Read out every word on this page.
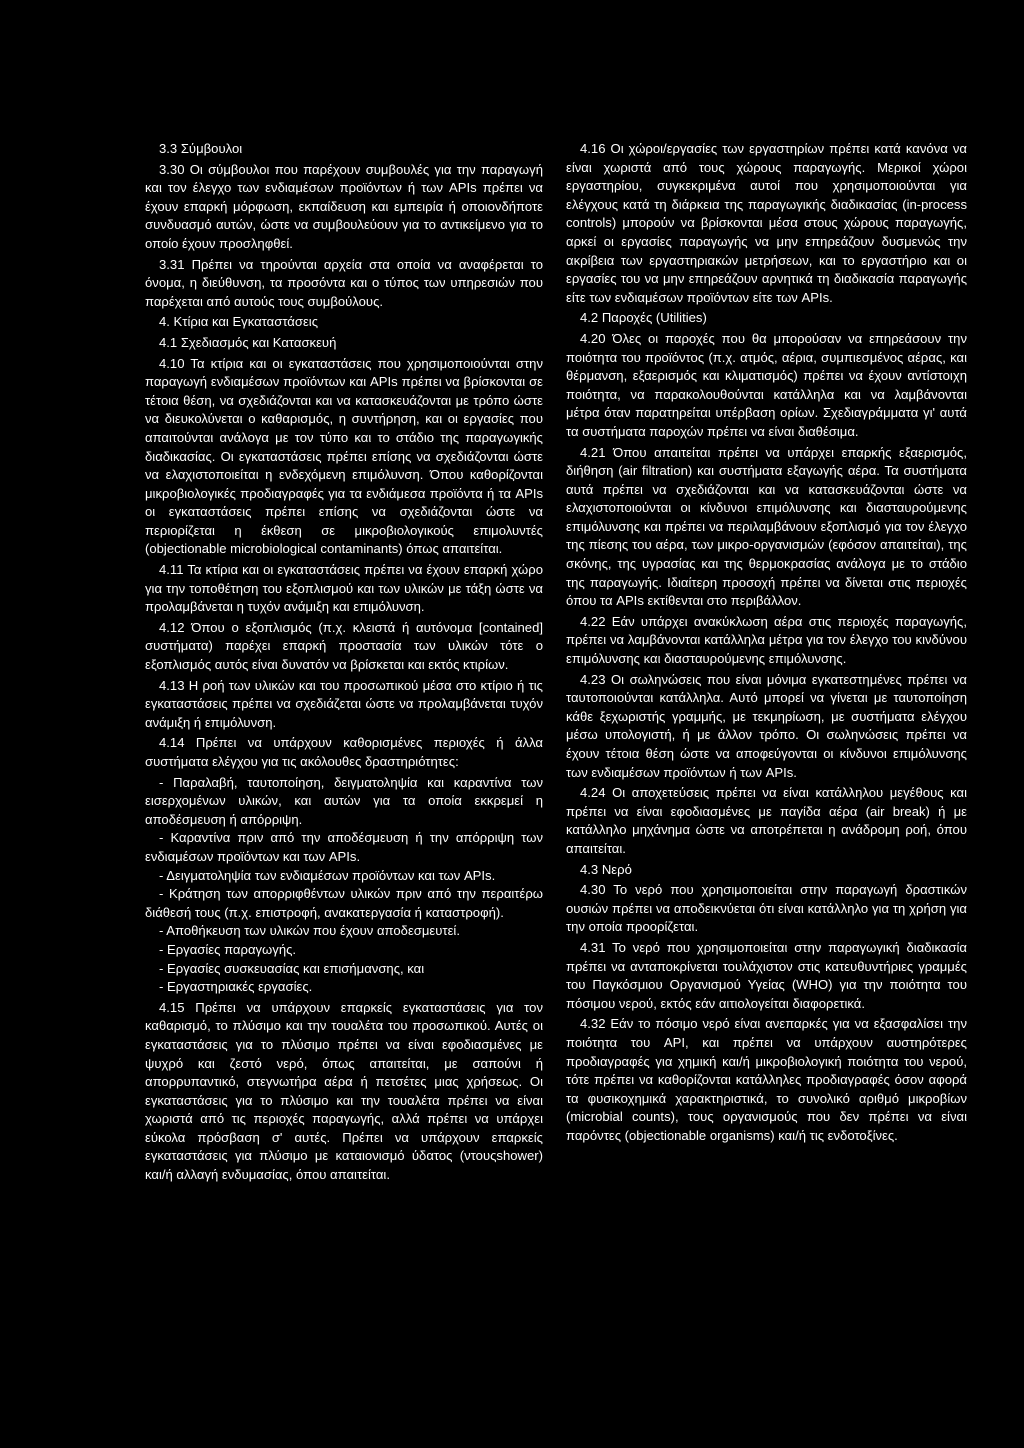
3.3 Σύμβουλοι

3.30 Οι σύμβουλοι που παρέχουν συμβουλές για την παραγωγή και τον έλεγχο των ενδιαμέσων προϊόντων ή των APIs πρέπει να έχουν επαρκή μόρφωση, εκπαίδευση και εμπειρία ή οποιονδήποτε συνδυασμό αυτών, ώστε να συμβουλεύουν για το αντικείμενο για το οποίο έχουν προσληφθεί.

3.31 Πρέπει να τηρούνται αρχεία στα οποία να αναφέρεται το όνομα, η διεύθυνση, τα προσόντα και ο τύπος των υπηρεσιών που παρέχεται από αυτούς τους συμβούλους.

4. Κτίρια και Εγκαταστάσεις

4.1 Σχεδιασμός και Κατασκευή

4.10 Τα κτίρια και οι εγκαταστάσεις που χρησιμοποιούνται στην παραγωγή ενδιαμέσων προϊόντων και APIs πρέπει να βρίσκονται σε τέτοια θέση, να σχεδιάζονται και να κατασκευάζονται με τρόπο ώστε να διευκολύνεται ο καθαρισμός, η συντήρηση, και οι εργασίες που απαιτούνται ανάλογα με τον τύπο και το στάδιο της παραγωγικής διαδικασίας. Οι εγκαταστάσεις πρέπει επίσης να σχεδιάζονται ώστε να ελαχιστοποιείται η ενδεχόμενη επιμόλυνση. Όπου καθορίζονται μικροβιολογικές προδιαγραφές για τα ενδιάμεσα προϊόντα ή τα APIs οι εγκαταστάσεις πρέπει επίσης να σχεδιάζονται ώστε να περιορίζεται η έκθεση σε μικροβιολογικούς επιμολυντές (objectionable microbiological contaminants) όπως απαιτείται.

4.11 Τα κτίρια και οι εγκαταστάσεις πρέπει να έχουν επαρκή χώρο για την τοποθέτηση του εξοπλισμού και των υλικών με τάξη ώστε να προλαμβάνεται η τυχόν ανάμιξη και επιμόλυνση.

4.12 Όπου ο εξοπλισμός (π.χ. κλειστά ή αυτόνομα [contained] συστήματα) παρέχει επαρκή προστασία των υλικών τότε ο εξοπλισμός αυτός είναι δυνατόν να βρίσκεται και εκτός κτιρίων.

4.13 Η ροή των υλικών και του προσωπικού μέσα στο κτίριο ή τις εγκαταστάσεις πρέπει να σχεδιάζεται ώστε να προλαμβάνεται τυχόν ανάμιξη ή επιμόλυνση.

4.14 Πρέπει να υπάρχουν καθορισμένες περιοχές ή άλλα συστήματα ελέγχου για τις ακόλουθες δραστηριότητες:

- Παραλαβή, ταυτοποίηση, δειγματοληψία και καραντίνα των εισερχομένων υλικών, και αυτών για τα οποία εκκρεμεί η αποδέσμευση ή απόρριψη.

- Καραντίνα πριν από την αποδέσμευση ή την απόρριψη των ενδιαμέσων προϊόντων και των APIs.

- Δειγματοληψία των ενδιαμέσων προϊόντων και των APIs.

- Κράτηση των απορριφθέντων υλικών πριν από την περαιτέρω διάθεσή τους (π.χ. επιστροφή, ανακατεργασία ή καταστροφή).

- Αποθήκευση των υλικών που έχουν αποδεσμευτεί.

- Εργασίες παραγωγής.

- Εργασίες συσκευασίας και επισήμανσης, και

- Εργαστηριακές εργασίες.

4.15 Πρέπει να υπάρχουν επαρκείς εγκαταστάσεις για τον καθαρισμό, το πλύσιμο και την τουαλέτα του προσωπικού. Αυτές οι εγκαταστάσεις για το πλύσιμο πρέπει να είναι εφοδιασμένες με ψυχρό και ζεστό νερό, όπως απαιτείται, με σαπούνι ή απορρυπαντικό, στεγνωτήρα αέρα ή πετσέτες μιας χρήσεως. Οι εγκαταστάσεις για το πλύσιμο και την τουαλέτα πρέπει να είναι χωριστά από τις περιοχές παραγωγής, αλλά πρέπει να υπάρχει εύκολα πρόσβαση σ' αυτές. Πρέπει να υπάρχουν επαρκείς εγκαταστάσεις για πλύσιμο με καταιονισμό ύδατος (ντουςshower) και/ή αλλαγή ενδυμασίας, όπου απαιτείται.

4.16 Οι χώροι/εργασίες των εργαστηρίων πρέπει κατά κανόνα να είναι χωριστά από τους χώρους παραγωγής. Μερικοί χώροι εργαστηρίου, συγκεκριμένα αυτοί που χρησιμοποιούνται για ελέγχους κατά τη διάρκεια της παραγωγικής διαδικασίας (in-process controls) μπορούν να βρίσκονται μέσα στους χώρους παραγωγής, αρκεί οι εργασίες παραγωγής να μην επηρεάζουν δυσμενώς την ακρίβεια των εργαστηριακών μετρήσεων, και το εργαστήριο και οι εργασίες του να μην επηρεάζουν αρνητικά τη διαδικασία παραγωγής είτε των ενδιαμέσων προϊόντων είτε των APIs.

4.2 Παροχές (Utilities)

4.20 Όλες οι παροχές που θα μπορούσαν να επηρεάσουν την ποιότητα του προϊόντος (π.χ. ατμός, αέρια, συμπιεσμένος αέρας, και θέρμανση, εξαερισμός και κλιματισμός) πρέπει να έχουν αντίστοιχη ποιότητα, να παρακολουθούνται κατάλληλα και να λαμβάνονται μέτρα όταν παρατηρείται υπέρβαση ορίων. Σχεδιαγράμματα γι' αυτά τα συστήματα παροχών πρέπει να είναι διαθέσιμα.

4.21 Όπου απαιτείται πρέπει να υπάρχει επαρκής εξαερισμός, διήθηση (air filtration) και συστήματα εξαγωγής αέρα. Τα συστήματα αυτά πρέπει να σχεδιάζονται και να κατασκευάζονται ώστε να ελαχιστοποιούνται οι κίνδυνοι επιμόλυνσης και διασταυρούμενης επιμόλυνσης και πρέπει να περιλαμβάνουν εξοπλισμό για τον έλεγχο της πίεσης του αέρα, των μικρο-οργανισμών (εφόσον απαιτείται), της σκόνης, της υγρασίας και της θερμοκρασίας ανάλογα με το στάδιο της παραγωγής. Ιδιαίτερη προσοχή πρέπει να δίνεται στις περιοχές όπου τα APIs εκτίθενται στο περιβάλλον.

4.22 Εάν υπάρχει ανακύκλωση αέρα στις περιοχές παραγωγής, πρέπει να λαμβάνονται κατάλληλα μέτρα για τον έλεγχο του κινδύνου επιμόλυνσης και διασταυρούμενης επιμόλυνσης.

4.23 Οι σωληνώσεις που είναι μόνιμα εγκατεστημένες πρέπει να ταυτοποιούνται κατάλληλα. Αυτό μπορεί να γίνεται με ταυτοποίηση κάθε ξεχωριστής γραμμής, με τεκμηρίωση, με συστήματα ελέγχου μέσω υπολογιστή, ή με άλλον τρόπο. Οι σωληνώσεις πρέπει να έχουν τέτοια θέση ώστε να αποφεύγονται οι κίνδυνοι επιμόλυνσης των ενδιαμέσων προϊόντων ή των APIs.

4.24 Οι αποχετεύσεις πρέπει να είναι κατάλληλου μεγέθους και πρέπει να είναι εφοδιασμένες με παγίδα αέρα (air break) ή με κατάλληλο μηχάνημα ώστε να αποτρέπεται η ανάδρομη ροή, όπου απαιτείται.

4.3 Νερό

4.30 Το νερό που χρησιμοποιείται στην παραγωγή δραστικών ουσιών πρέπει να αποδεικνύεται ότι είναι κατάλληλο για τη χρήση για την οποία προορίζεται.

4.31 Το νερό που χρησιμοποιείται στην παραγωγική διαδικασία πρέπει να ανταποκρίνεται τουλάχιστον στις κατευθυντήριες γραμμές του Παγκόσμιου Οργανισμού Υγείας (WHO) για την ποιότητα του πόσιμου νερού, εκτός εάν αιτιολογείται διαφορετικά.

4.32 Εάν το πόσιμο νερό είναι ανεπαρκές για να εξασφαλίσει την ποιότητα του API, και πρέπει να υπάρχουν αυστηρότερες προδιαγραφές για χημική και/ή μικροβιολογική ποιότητα του νερού, τότε πρέπει να καθορίζονται κατάλληλες προδιαγραφές όσον αφορά τα φυσικοχημικά χαρακτηριστικά, το συνολικό αριθμό μικροβίων (microbial counts), τους οργανισμούς που δεν πρέπει να είναι παρόντες (objectionable organisms) και/ή τις ενδοτοξίνες.
